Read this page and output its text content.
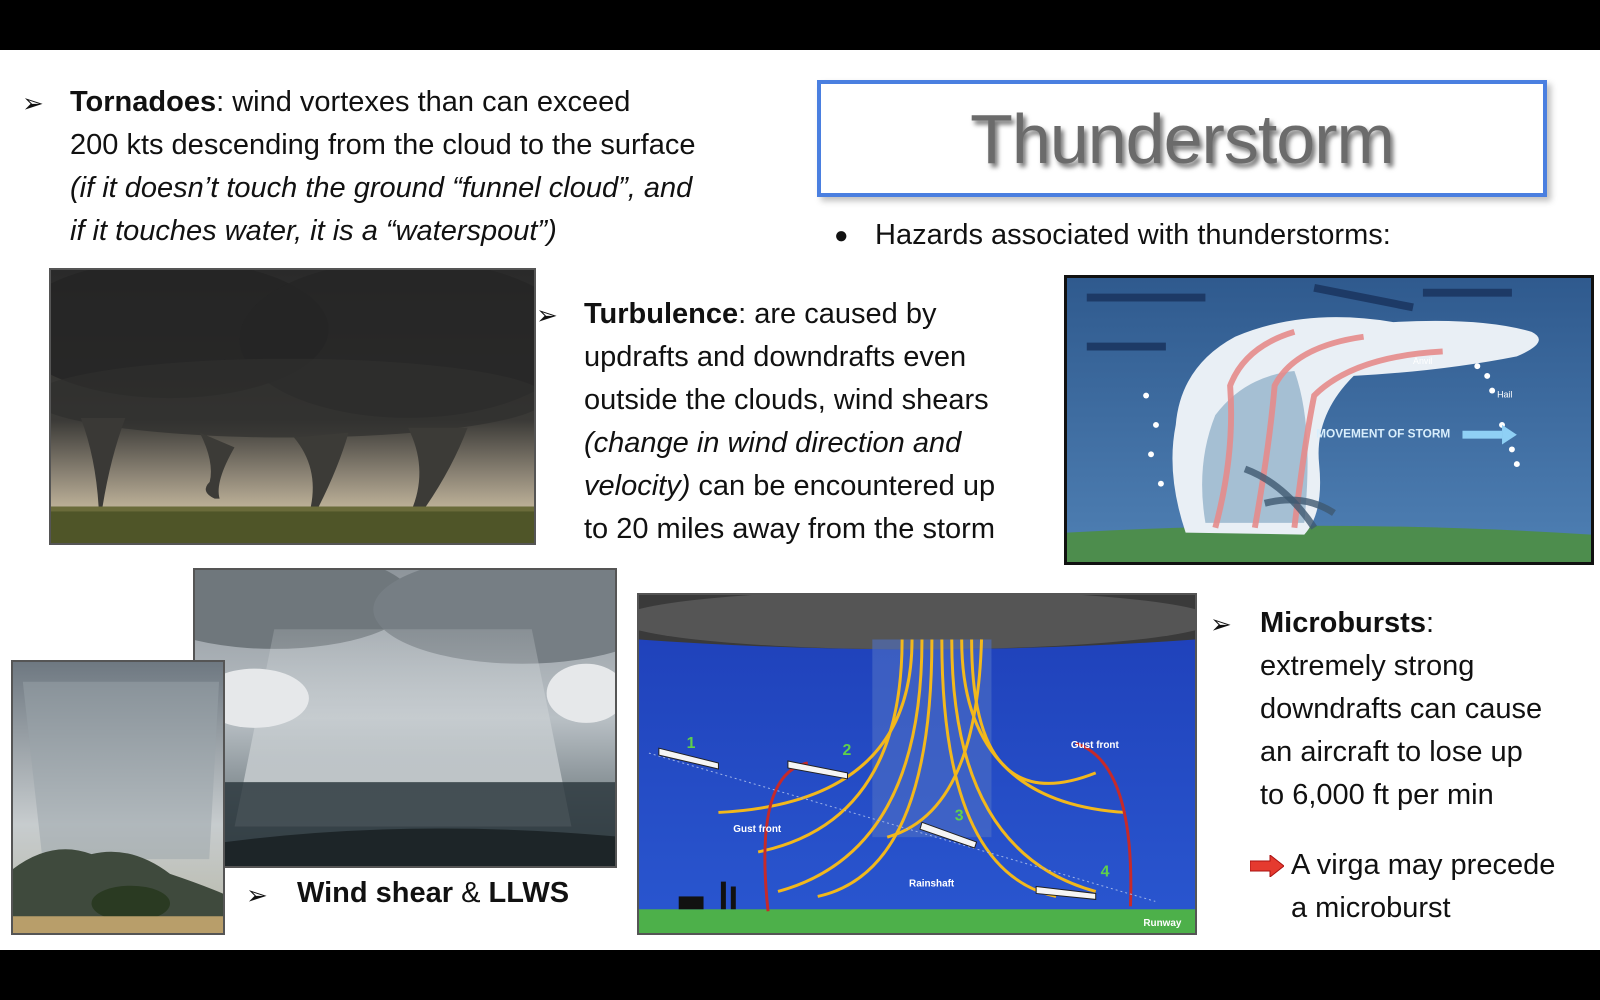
➢ Tornadoes: wind vortexes than can exceed
200 kts descending from the cloud to the surface
(if it doesn’t touch the ground “funnel cloud”, and
if it touches water, it is a “waterspout”)
Thunderstorm
● Hazards associated with thunderstorms:
➢ Turbulence: are caused by
updrafts and downdrafts even
outside the clouds, wind shears
(change in wind direction and
velocity) can be encountered up
to 20 miles away from the storm
Anvil
Hail
MOVEMENT OF STORM
➢ Wind shear & LLWS
1	2
3
4
Gust front
Gust front
Rainshaft
Runway
➢ Microbursts:
extremely strong
downdrafts can cause
an aircraft to lose up
to 6,000 ft per min
A virga may precede
a microburst
